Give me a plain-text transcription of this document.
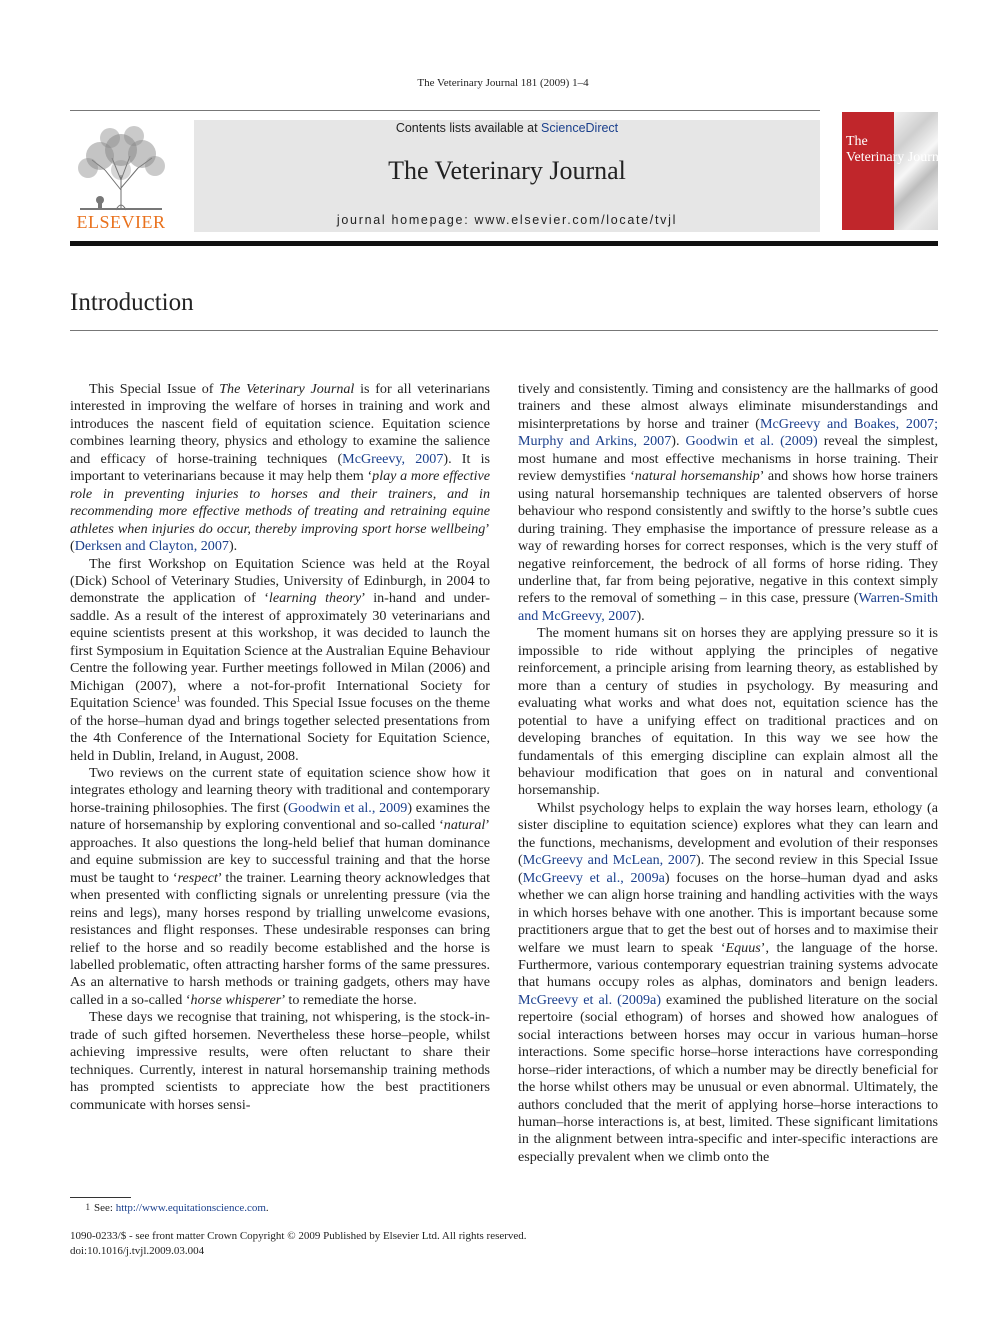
The Veterinary Journal 181 (2009) 1–4
ELSEVIER
Contents lists available at ScienceDirect
The Veterinary Journal
journal homepage: www.elsevier.com/locate/tvjl
The
Veterinary Journal
Introduction

This Special Issue of The Veterinary Journal is for all veterinarians interested in improving the welfare of horses in training and work and introduces the nascent field of equitation science. Equitation science combines learning theory, physics and ethology to examine the salience and efficacy of horse-training techniques (McGreevy, 2007). It is important to veterinarians because it may help them ‘play a more effective role in preventing injuries to horses and their trainers, and in recommending more effective methods of treating and retraining equine athletes when injuries do occur, thereby improving sport horse wellbeing’ (Derksen and Clayton, 2007).

The first Workshop on Equitation Science was held at the Royal (Dick) School of Veterinary Studies, University of Edinburgh, in 2004 to demonstrate the application of ‘learning theory’ in-hand and under-saddle. As a result of the interest of approximately 30 veterinarians and equine scientists present at this workshop, it was decided to launch the first Symposium in Equitation Science at the Australian Equine Behaviour Centre the following year. Further meetings followed in Milan (2006) and Michigan (2007), where a not-for-profit International Society for Equitation Science$^1$ was founded. This Special Issue focuses on the theme of the horse–human dyad and brings together selected presentations from the 4th Conference of the International Society for Equitation Science, held in Dublin, Ireland, in August, 2008.

Two reviews on the current state of equitation science show how it integrates ethology and learning theory with traditional and contemporary horse-training philosophies. The first (Goodwin et al., 2009) examines the nature of horsemanship by exploring conventional and so-called ‘natural’ approaches. It also questions the long-held belief that human dominance and equine submission are key to successful training and that the horse must be taught to ‘respect’ the trainer. Learning theory acknowledges that when presented with conflicting signals or unrelenting pressure (via the reins and legs), many horses respond by trialling unwelcome evasions, resistances and flight responses. These undesirable responses can bring relief to the horse and so readily become established and the horse is labelled problematic, often attracting harsher forms of the same pressures. As an alternative to harsh methods or training gadgets, others may have called in a so-called ‘horse whisperer’ to remediate the horse.

These days we recognise that training, not whispering, is the stock-in-trade of such gifted horsemen. Nevertheless these horse–people, whilst achieving impressive results, were often reluctant to share their techniques. Currently, interest in natural horsemanship training methods has prompted scientists to appreciate how the best practitioners communicate with horses sensi-

tively and consistently. Timing and consistency are the hallmarks of good trainers and these almost always eliminate misunderstandings and misinterpretations by horse and trainer (McGreevy and Boakes, 2007; Murphy and Arkins, 2007). Goodwin et al. (2009) reveal the simplest, most humane and most effective mechanisms in horse training. Their review demystifies ‘natural horsemanship’ and shows how horse trainers using natural horsemanship techniques are talented observers of horse behaviour who respond consistently and swiftly to the horse’s subtle cues during training. They emphasise the importance of pressure release as a way of rewarding horses for correct responses, which is the very stuff of negative reinforcement, the bedrock of all forms of horse riding. They underline that, far from being pejorative, negative in this context simply refers to the removal of something – in this case, pressure (Warren-Smith and McGreevy, 2007).

The moment humans sit on horses they are applying pressure so it is impossible to ride without applying the principles of negative reinforcement, a principle arising from learning theory, as established by more than a century of studies in psychology. By measuring and evaluating what works and what does not, equitation science has the potential to have a unifying effect on traditional practices and on developing branches of equitation. In this way we see how the fundamentals of this emerging discipline can explain almost all the behaviour modification that goes on in natural and conventional horsemanship.

Whilst psychology helps to explain the way horses learn, ethology (a sister discipline to equitation science) explores what they can learn and the functions, mechanisms, development and evolution of their responses (McGreevy and McLean, 2007). The second review in this Special Issue (McGreevy et al., 2009a) focuses on the horse–human dyad and asks whether we can align horse training and handling activities with the ways in which horses behave with one another. This is important because some practitioners argue that to get the best out of horses and to maximise their welfare we must learn to speak ‘Equus’, the language of the horse. Furthermore, various contemporary equestrian training systems advocate that humans occupy roles as alphas, dominators and benign leaders. McGreevy et al. (2009a) examined the published literature on the social repertoire (social ethogram) of horses and showed how analogues of social interactions between horses may occur in various human–horse interactions. Some specific horse–horse interactions have corresponding horse–rider interactions, of which a number may be directly beneficial for the horse whilst others may be unusual or even abnormal. Ultimately, the authors concluded that the merit of applying horse–horse interactions to human–horse interactions is, at best, limited. These significant limitations in the alignment between intra-specific and inter-specific interactions are especially prevalent when we climb onto the

1 See: http://www.equitationscience.com.
1090-0233/$ - see front matter Crown Copyright © 2009 Published by Elsevier Ltd. All rights reserved.
doi:10.1016/j.tvjl.2009.03.004
